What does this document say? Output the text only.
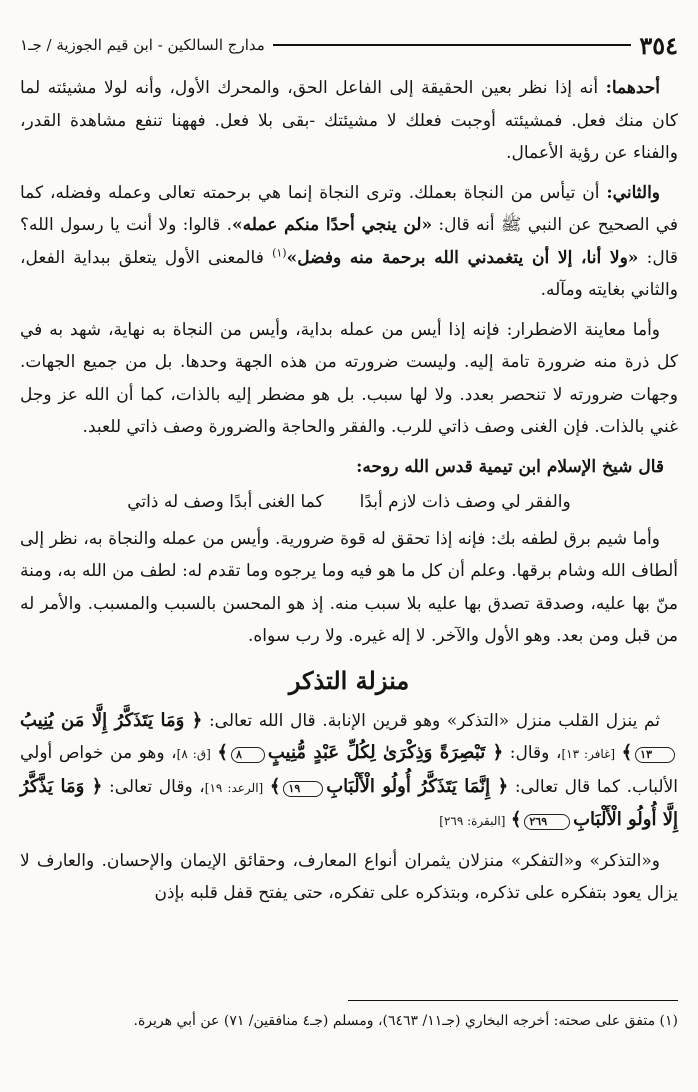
٣٥٤
مدارج السالكين - ابن قيم الجوزية / جـ١

أحدهما: أنه إذا نظر بعين الحقيقة إلى الفاعل الحق، والمحرك الأول، وأنه لولا مشيئته لما كان منك فعل. فمشيئته أوجبت فعلك لا مشيئتك -بقى بلا فعل. فههنا تنفع مشاهدة القدر، والفناء عن رؤية الأعمال.

والثاني: أن تيأس من النجاة بعملك. وترى النجاة إنما هي برحمته تعالى وعمله وفضله، كما في الصحيح عن النبي ﷺ أنه قال: «لن ينجي أحدًا منكم عمله». قالوا: ولا أنت يا رسول الله؟ قال: «ولا أنا، إلا أن يتغمدني الله برحمة منه وفضل»$^{(١)}$ فالمعنى الأول يتعلق ببداية الفعل، والثاني بغايته ومآله.

وأما معاينة الاضطرار: فإنه إذا أيس من عمله بداية، وأيس من النجاة به نهاية، شهد به في كل ذرة منه ضرورة تامة إليه. وليست ضرورته من هذه الجهة وحدها. بل من جميع الجهات. وجهات ضرورته لا تنحصر بعدد. ولا لها سبب. بل هو مضطر إليه بالذات، كما أن الله عز وجل غني بالذات. فإن الغنى وصف ذاتي للرب. والفقر والحاجة والضرورة وصف ذاتي للعبد.

قال شيخ الإسلام ابن تيمية قدس الله روحه:
والفقر لي وصف ذات لازم أبدًا
كما الغنى أبدًا وصف له ذاتي

وأما شيم برق لطفه بك: فإنه إذا تحقق له قوة ضرورية. وأيس من عمله والنجاة به، نظر إلى ألطاف الله وشام برقها. وعلم أن كل ما هو فيه وما يرجوه وما تقدم له: لطف من الله به، ومنة منّ بها عليه، وصدقة تصدق بها عليه بلا سبب منه. إذ هو المحسن بالسبب والمسبب. والأمر له من قبل ومن بعد. وهو الأول والآخر. لا إله غيره. ولا رب سواه.

منزلة التذكر

ثم ينزل القلب منزل «التذكر» وهو قرين الإنابة. قال الله تعالى: ﴿ وَمَا يَتَذَكَّرُ إِلَّا مَن يُنِيبُ١٣﴾ [غافر: ١٣]، وقال: ﴿ تَبْصِرَةً وَذِكْرَىٰ لِكُلِّ عَبْدٍ مُّنِيبٍ٨﴾ [ق: ٨]، وهو من خواص أولي الألباب. كما قال تعالى: ﴿ إِنَّمَا يَتَذَكَّرُ أُولُو الْأَلْبَابِ١٩﴾ [الرعد: ١٩]، وقال تعالى: ﴿ وَمَا يَذَّكَّرُ إِلَّا أُولُو الْأَلْبَابِ٢٦٩﴾ [البقرة: ٢٦٩]

و«التذكر» و«التفكر» منزلان يثمران أنواع المعارف، وحقائق الإيمان والإحسان. والعارف لا يزال يعود بتفكره على تذكره، وبتذكره على تفكره، حتى يفتح قفل قلبه بإذن

(١) متفق على صحته: أخرجه البخاري (جـ١١/ ٦٤٦٣)، ومسلم (جـ٤ منافقين/ ٧١) عن أبي هريرة.
